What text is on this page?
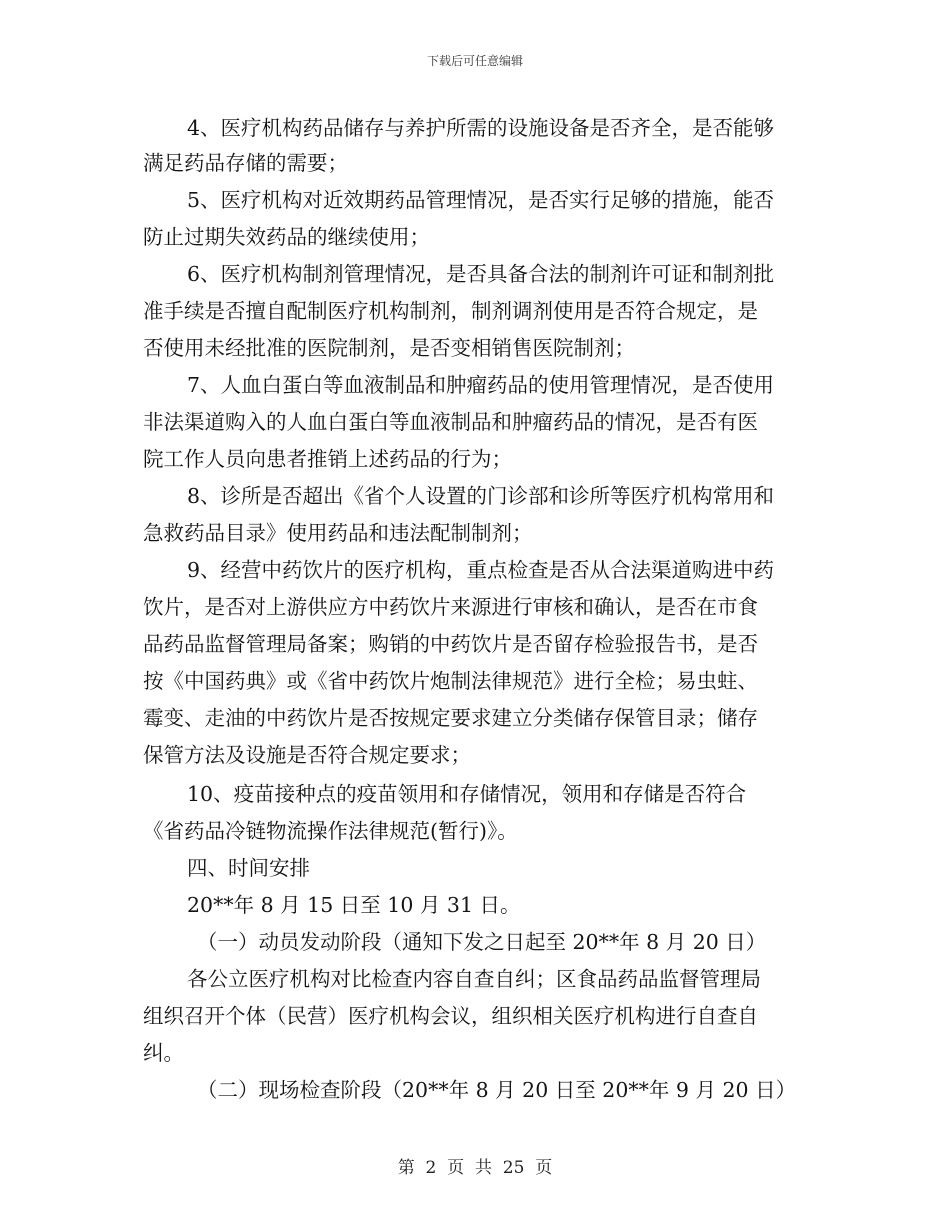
下载后可任意编辑

4、医疗机构药品储存与养护所需的设施设备是否齐全，是否能够

满足药品存储的需要；

5、医疗机构对近效期药品管理情况，是否实行足够的措施，能否

防止过期失效药品的继续使用；

6、医疗机构制剂管理情况，是否具备合法的制剂许可证和制剂批

准手续是否擅自配制医疗机构制剂，制剂调剂使用是否符合规定，是

否使用未经批准的医院制剂，是否变相销售医院制剂；

7、人血白蛋白等血液制品和肿瘤药品的使用管理情况，是否使用

非法渠道购入的人血白蛋白等血液制品和肿瘤药品的情况，是否有医

院工作人员向患者推销上述药品的行为；

8、诊所是否超出《省个人设置的门诊部和诊所等医疗机构常用和

急救药品目录》使用药品和违法配制制剂；

9、经营中药饮片的医疗机构，重点检查是否从合法渠道购进中药

饮片，是否对上游供应方中药饮片来源进行审核和确认，是否在市食

品药品监督管理局备案；购销的中药饮片是否留存检验报告书，是否

按《中国药典》或《省中药饮片炮制法律规范》进行全检；易虫蛀、

霉变、走油的中药饮片是否按规定要求建立分类储存保管目录；储存

保管方法及设施是否符合规定要求；

10、疫苗接种点的疫苗领用和存储情况，领用和存储是否符合

《省药品冷链物流操作法律规范(暂行)》。

四、时间安排

20**年 8 月 15 日至 10 月 31 日。

（一）动员发动阶段（通知下发之日起至 20**年 8 月 20 日）

各公立医疗机构对比检查内容自查自纠；区食品药品监督管理局

组织召开个体（民营）医疗机构会议，组织相关医疗机构进行自查自

纠。

（二）现场检查阶段（20**年 8 月 20 日至 20**年 9 月 20 日）

第  2  页  共  25  页
